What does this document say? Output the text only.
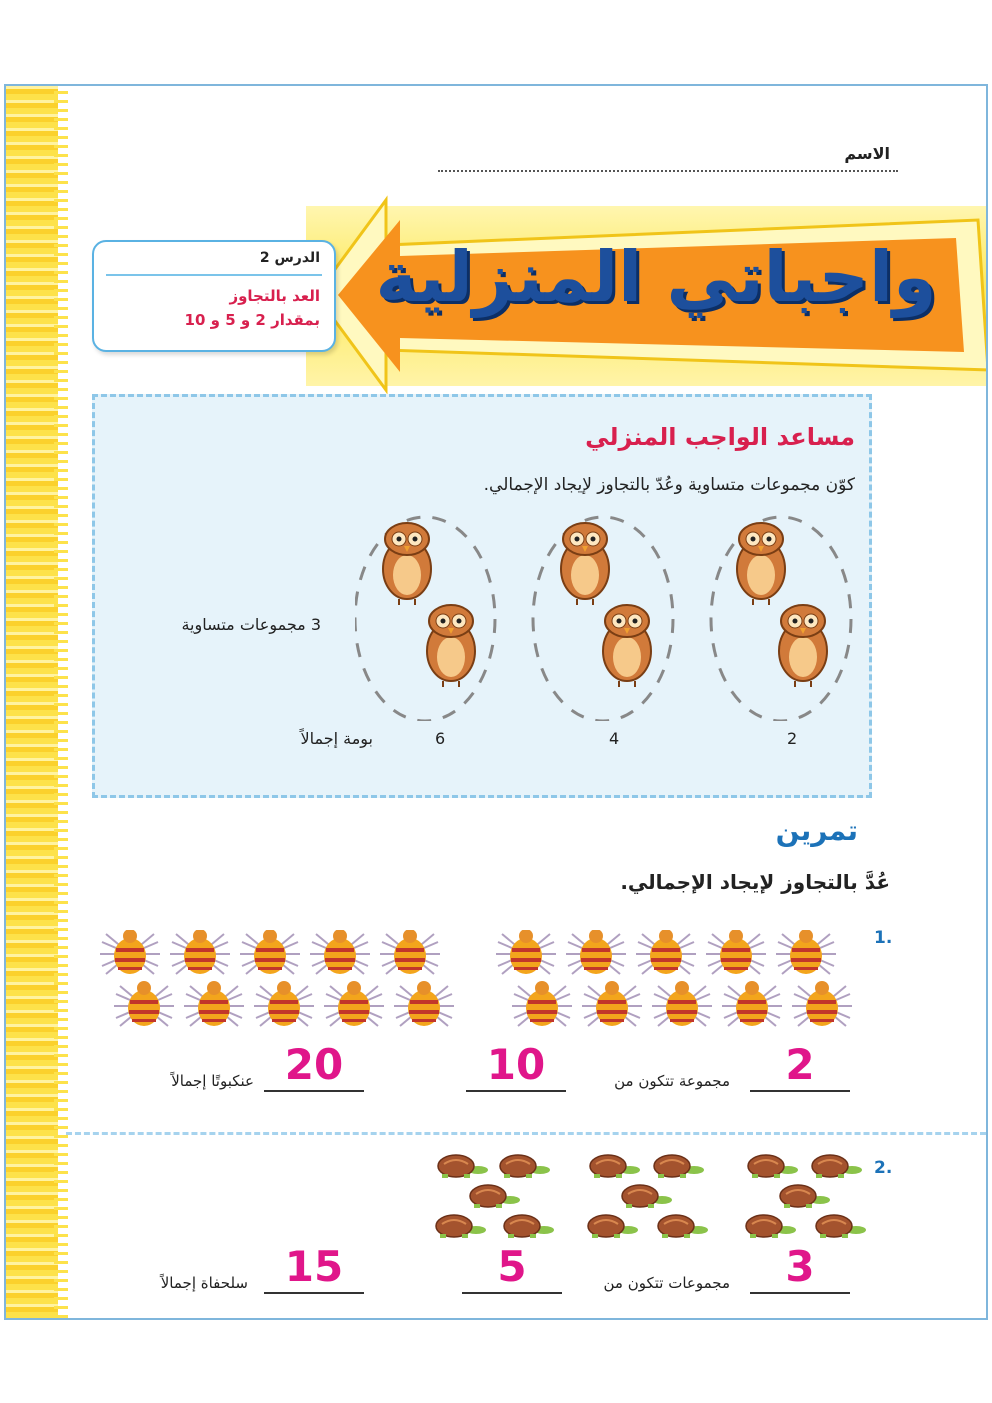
الاسم
واجباتي المنزلية
الدرس 2
العد بالتجاوز
بمقدار 2 و 5 و 10
مساعد الواجب المنزلي
كوّن مجموعات متساوية وعُدّ بالتجاوز لإيجاد الإجمالي.
3 مجموعات متساوية
2
4
6
بومة إجمالاً
تمرين
عُدَّ بالتجاوز لإيجاد الإجمالي.
1.
2
مجموعة تتكون من
10
20
عنكبوتًا إجمالاً
2.
3
مجموعات تتكون من
5
15
سلحفاة إجمالاً
